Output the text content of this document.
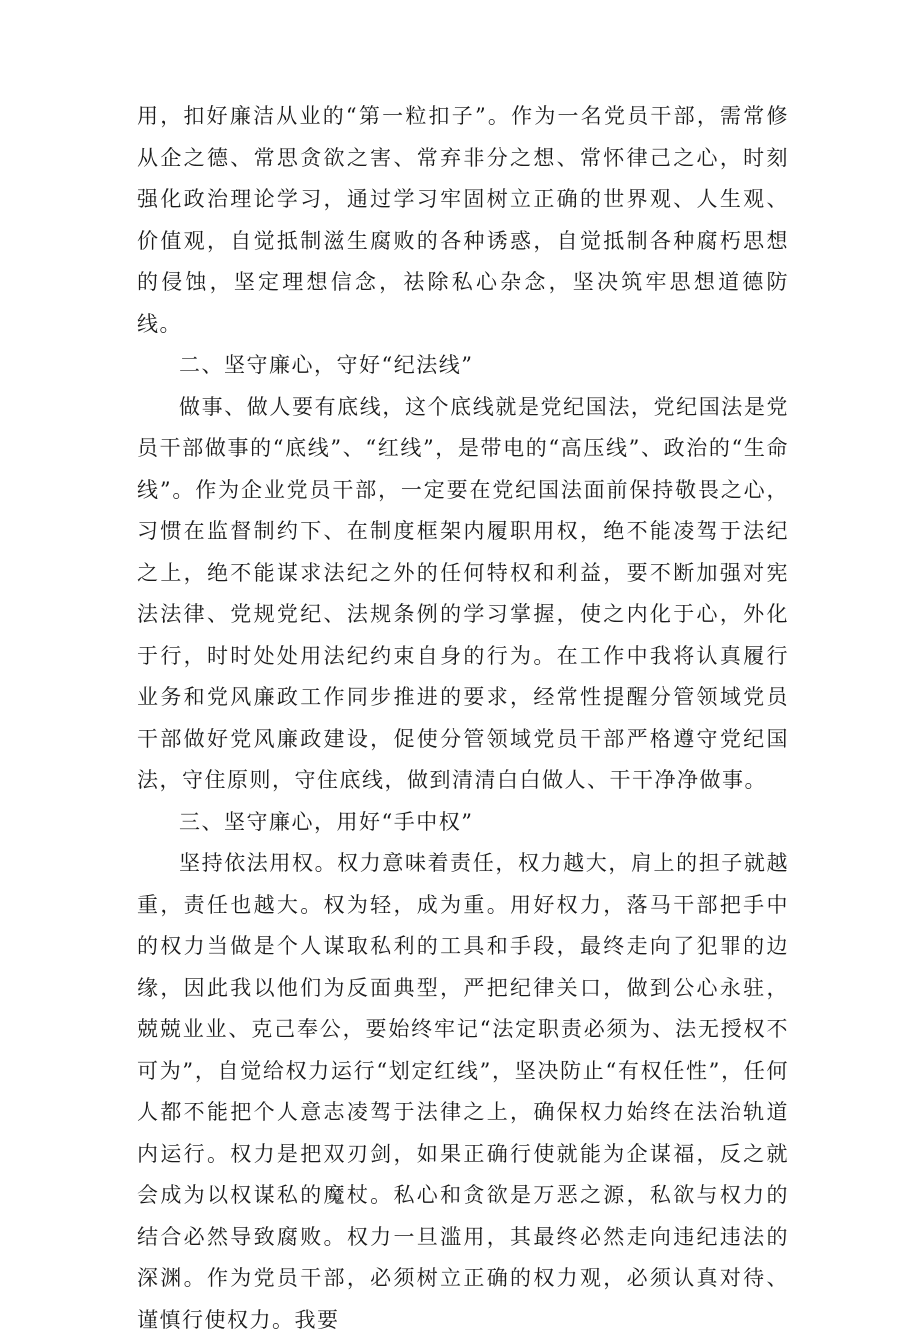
用，扣好廉洁从业的“第一粒扣子”。作为一名党员干部，需常修从企之德、常思贪欲之害、常弃非分之想、常怀律己之心，时刻强化政治理论学习，通过学习牢固树立正确的世界观、人生观、价值观，自觉抵制滋生腐败的各种诱惑，自觉抵制各种腐朽思想的侵蚀，坚定理想信念，祛除私心杂念，坚决筑牢思想道德防线。

二、坚守廉心，守好“纪法线”

做事、做人要有底线，这个底线就是党纪国法，党纪国法是党员干部做事的“底线”、“红线”，是带电的“高压线”、政治的“生命线”。作为企业党员干部，一定要在党纪国法面前保持敬畏之心，习惯在监督制约下、在制度框架内履职用权，绝不能凌驾于法纪之上，绝不能谋求法纪之外的任何特权和利益，要不断加强对宪法法律、党规党纪、法规条例的学习掌握，使之内化于心，外化于行，时时处处用法纪约束自身的行为。在工作中我将认真履行业务和党风廉政工作同步推进的要求，经常性提醒分管领域党员干部做好党风廉政建设，促使分管领域党员干部严格遵守党纪国法，守住原则，守住底线，做到清清白白做人、干干净净做事。

三、坚守廉心，用好“手中权”

坚持依法用权。权力意味着责任，权力越大，肩上的担子就越重，责任也越大。权为轻，成为重。用好权力，落马干部把手中的权力当做是个人谋取私利的工具和手段，最终走向了犯罪的边缘，因此我以他们为反面典型，严把纪律关口，做到公心永驻，兢兢业业、克己奉公，要始终牢记“法定职责必须为、法无授权不可为”，自觉给权力运行“划定红线”，坚决防止“有权任性”，任何人都不能把个人意志凌驾于法律之上，确保权力始终在法治轨道内运行。权力是把双刃剑，如果正确行使就能为企谋福，反之就会成为以权谋私的魔杖。私心和贪欲是万恶之源，私欲与权力的结合必然导致腐败。权力一旦滥用，其最终必然走向违纪违法的深渊。作为党员干部，必须树立正确的权力观，必须认真对待、谨慎行使权力。我要
